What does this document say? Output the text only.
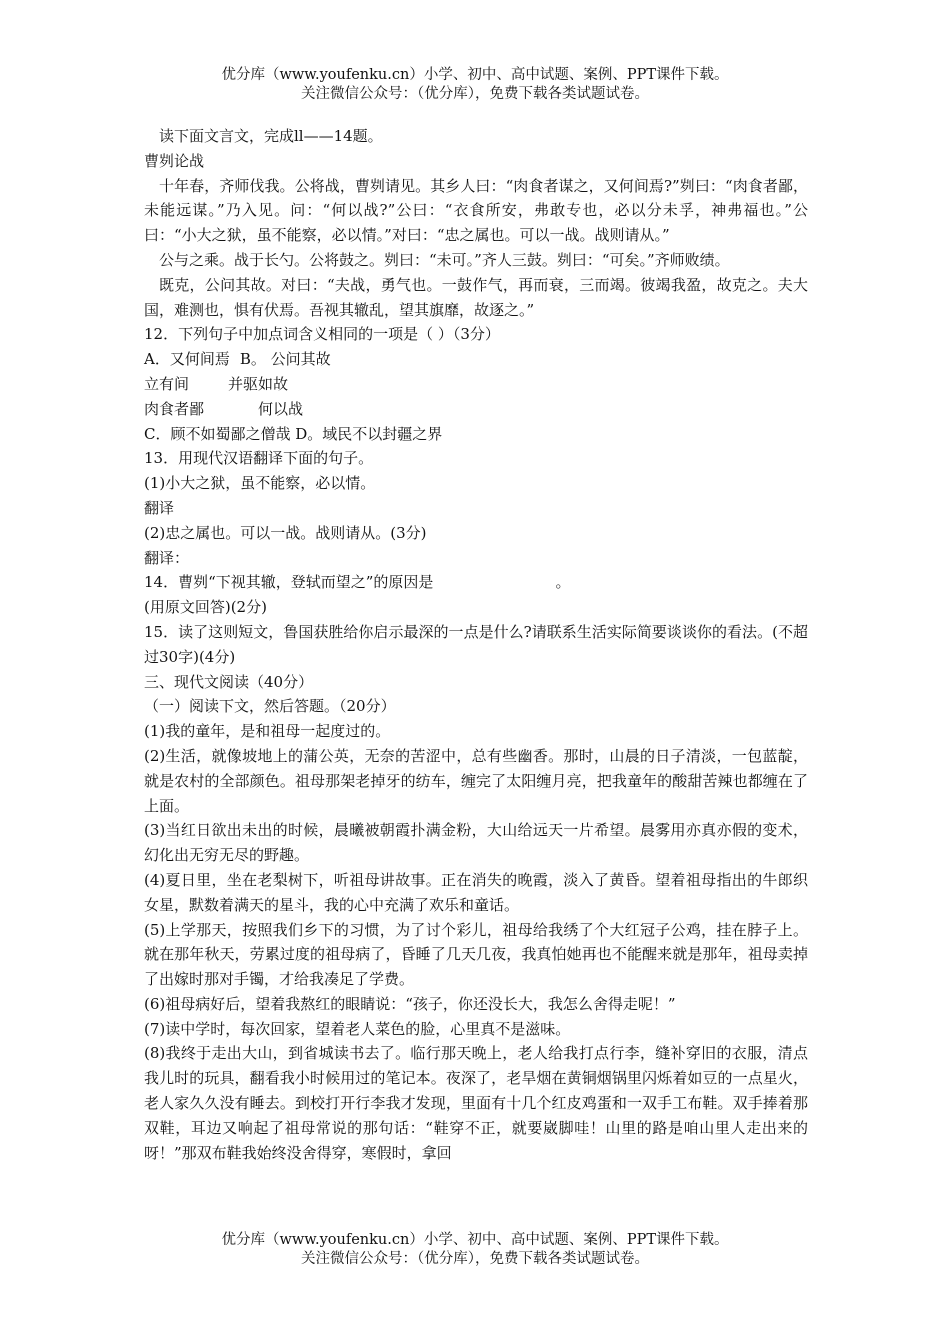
优分库（www.youfenku.cn）小学、初中、高中试题、案例、PPT课件下载。
关注微信公众号：（优分库），免费下载各类试题试卷。

读下面文言文，完成ll——14题。

曹刿论战

十年春，齐师伐我。公将战，曹刿请见。其乡人曰：“肉食者谋之，又何间焉?”刿曰：“肉食者鄙，未能远谋。”乃入见。问：“何以战?”公曰：“衣食所安，弗敢专也，必以分未孚，神弗福也。”公曰：“小大之狱，虽不能察，必以情。”对曰：“忠之属也。可以一战。战则请从。”

公与之乘。战于长勺。公将鼓之。刿曰：“未可。”齐人三鼓。刿曰：“可矣。”齐师败绩。

既克，公问其故。对曰：“夫战，勇气也。一鼓作气，再而衰，三而竭。彼竭我盈，故克之。夫大国，难测也，惧有伏焉。吾视其辙乱，望其旗靡，故逐之。”

12．下列句子中加点词含义相同的一项是（ ）（3分）

A．又何间焉 B。 公问其故

立有间	并驱如故

肉食者鄙	何以战

C．顾不如蜀鄙之僧哉 D。域民不以封疆之界

13．用现代汉语翻译下面的句子。

(1)小大之狱，虽不能察，必以情。

翻译

(2)忠之属也。可以一战。战则请从。(3分)

翻译：

14．曹刿“下视其辙，登轼而望之”的原因是	。

(用原文回答)(2分)

15．读了这则短文，鲁国获胜给你启示最深的一点是什么?请联系生活实际简要谈谈你的看法。(不超过30字)(4分)

三、现代文阅读（40分）

（一）阅读下文，然后答题。（20分）

(1)我的童年，是和祖母一起度过的。

(2)生活，就像坡地上的蒲公英，无奈的苦涩中，总有些幽香。那时，山晨的日子清淡，一包蓝靛，就是农村的全部颜色。祖母那架老掉牙的纺车，缠完了太阳缠月亮，把我童年的酸甜苦辣也都缠在了上面。

(3)当红日欲出未出的时候，晨曦被朝霞扑满金粉，大山给远天一片希望。晨雾用亦真亦假的变术，幻化出无穷无尽的野趣。

(4)夏日里，坐在老梨树下，听祖母讲故事。正在消失的晚霞，淡入了黄昏。望着祖母指出的牛郎织女星，默数着满天的星斗，我的心中充满了欢乐和童话。

(5)上学那天，按照我们乡下的习惯，为了讨个彩儿，祖母给我绣了个大红冠子公鸡，挂在脖子上。就在那年秋天，劳累过度的祖母病了，昏睡了几天几夜，我真怕她再也不能醒来就是那年，祖母卖掉了出嫁时那对手镯，才给我凑足了学费。

(6)祖母病好后，望着我熬红的眼睛说：“孩子，你还没长大，我怎么舍得走呢！”

(7)读中学时，每次回家，望着老人菜色的脸，心里真不是滋味。

(8)我终于走出大山，到省城读书去了。临行那天晚上，老人给我打点行李，缝补穿旧的衣服，清点我儿时的玩具，翻看我小时候用过的笔记本。夜深了，老旱烟在黄铜烟锅里闪烁着如豆的一点星火，老人家久久没有睡去。到校打开行李我才发现，里面有十几个红皮鸡蛋和一双手工布鞋。双手捧着那双鞋，耳边又响起了祖母常说的那句话：“鞋穿不正，就要崴脚哇！山里的路是咱山里人走出来的呀！”那双布鞋我始终没舍得穿，寒假时，拿回

优分库（www.youfenku.cn）小学、初中、高中试题、案例、PPT课件下载。
关注微信公众号：（优分库），免费下载各类试题试卷。
